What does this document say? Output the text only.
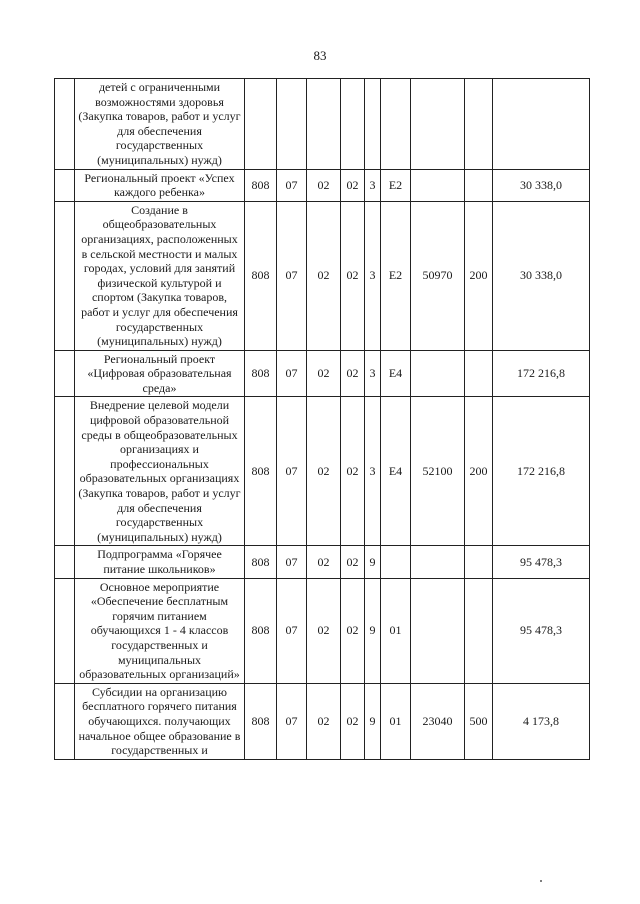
83
	детей с ограниченными возможностями здоровья (Закупка товаров, работ и услуг для обеспечения государственных (муниципальных) нужд)									
	Региональный проект «Успех каждого ребенка»	808	07	02	02	3	E2			30 338,0
	Создание в общеобразовательных организациях, расположенных в сельской местности и малых городах, условий для занятий физической культурой и спортом (Закупка товаров, работ и услуг для обеспечения государственных (муниципальных) нужд)	808	07	02	02	3	E2	50970	200	30 338,0
	Региональный проект «Цифровая образовательная среда»	808	07	02	02	3	E4			172 216,8
	Внедрение целевой модели цифровой образовательной среды в общеобразовательных организациях и профессиональных образовательных организациях (Закупка товаров, работ и услуг для обеспечения государственных (муниципальных) нужд)	808	07	02	02	3	E4	52100	200	172 216,8
	Подпрограмма «Горячее питание школьников»	808	07	02	02	9				95 478,3
	Основное мероприятие «Обеспечение бесплатным горячим питанием обучающихся 1 - 4 классов государственных и муниципальных образовательных организаций»	808	07	02	02	9	01			95 478,3
	Субсидии на организацию бесплатного горячего питания обучающихся. получающих начальное общее образование в государственных и	808	07	02	02	9	01	23040	500	4 173,8
